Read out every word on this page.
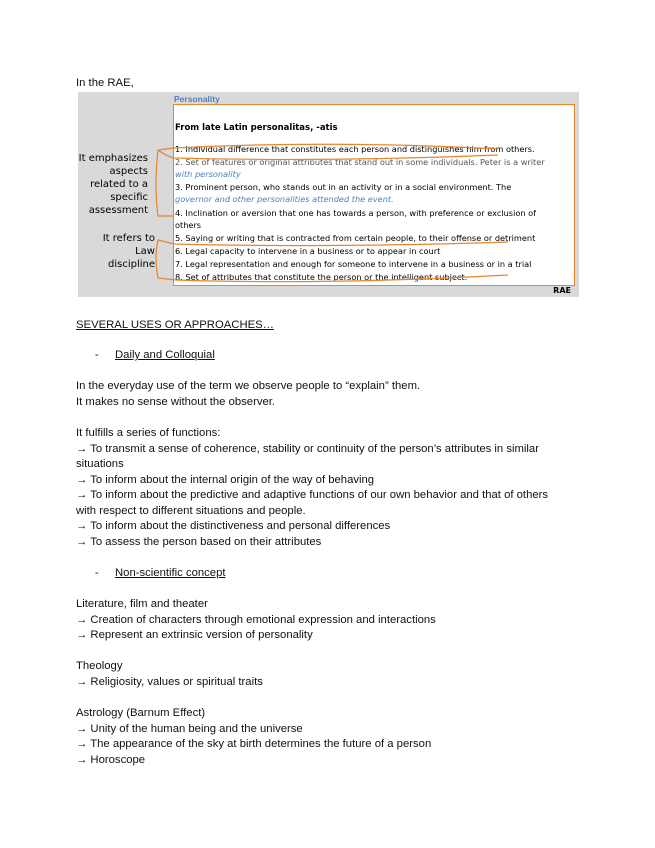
In the RAE,
Personality
From late Latin personalitas, -atis
1. Individual difference that constitutes each person and distinguishes him from others.
2. Set of features or original attributes that stand out in some individuals. Peter is a writer
with personality
3. Prominent person, who stands out in an activity or in a social environment. The
governor and other personalities attended the event.
4. Inclination or aversion that one has towards a person, with preference or exclusion of
others
5. Saying or writing that is contracted from certain people, to their offense or detriment
6. Legal capacity to intervene in a business or to appear in court
7. Legal representation and enough for someone to intervene in a business or in a trial
8. Set of attributes that constitute the person or the intelligent subject.
It emphasizes
aspects
related to a
specific
assessment
It refers to
Law
discipline
RAE
SEVERAL USES OR APPROACHES…
- Daily and Colloquial
In the everyday use of the term we observe people to “explain” them.
It makes no sense without the observer.
It fulfills a series of functions:
→ To transmit a sense of coherence, stability or continuity of the person’s attributes in similar
situations
→ To inform about the internal origin of the way of behaving
→ To inform about the predictive and adaptive functions of our own behavior and that of others
with respect to different situations and people.
→ To inform about the distinctiveness and personal differences
→ To assess the person based on their attributes
- Non-scientific concept
Literature, film and theater
→ Creation of characters through emotional expression and interactions
→ Represent an extrinsic version of personality
Theology
→ Religiosity, values or spiritual traits
Astrology (Barnum Effect)
→ Unity of the human being and the universe
→ The appearance of the sky at birth determines the future of a person
→ Horoscope
